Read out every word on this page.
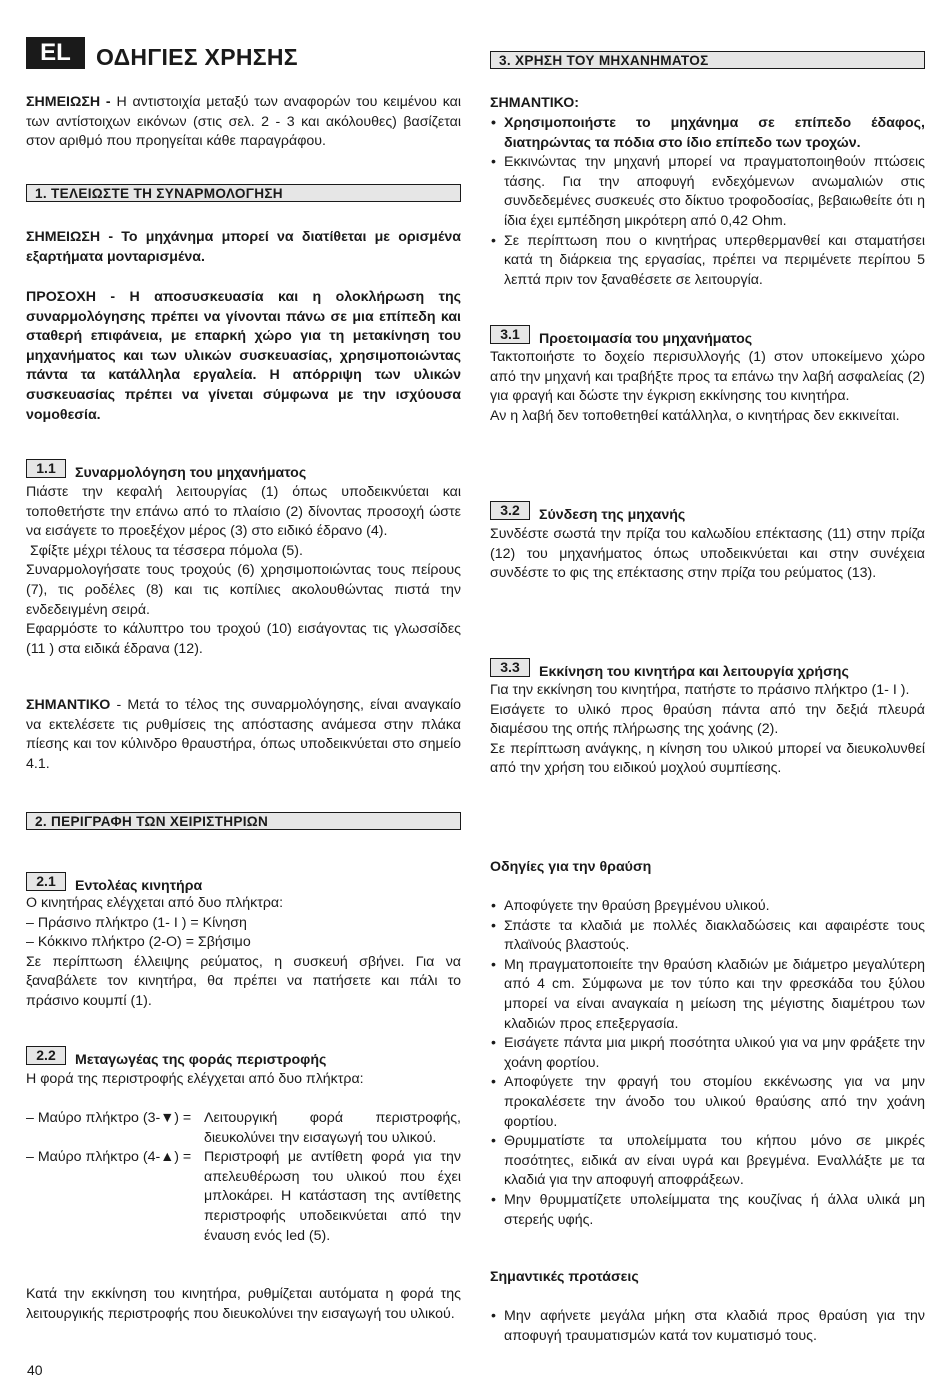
EL	ΟΔΗΓΙΕΣ ΧΡΗΣΗΣ

ΣΗΜΕΙΩΣΗ - Η αντιστοιχία μεταξύ των αναφορών του κειμένου και των αντίστοιχων εικόνων (στις σελ. 2 - 3 και ακόλουθες) βασίζεται στον αριθμό που προηγείται κάθε παραγράφου.

1. ΤΕΛΕΙΩΣΤΕ ΤΗ ΣΥΝΑΡΜΟΛΟΓΗΣΗ

ΣΗΜΕΙΩΣΗ - Το μηχάνημα μπορεί να διατίθεται με ορισμένα εξαρτήματα μονταρισμένα.

ΠΡΟΣΟΧΗ - Η αποσυσκευασία και η ολοκλήρωση της συναρμολόγησης πρέπει να γίνονται πάνω σε μια επίπεδη και σταθερή επιφάνεια, με επαρκή χώρο για τη μετακίνηση του μηχανήματος και των υλικών συσκευασίας, χρησιμοποιώντας πάντα τα κατάλληλα εργαλεία. Η απόρριψη των υλικών συσκευασίας πρέπει να γίνεται σύμφωνα με την ισχύουσα νομοθεσία.

1.1 Συναρμολόγηση του μηχανήματος

Πιάστε την κεφαλή λειτουργίας (1) όπως υποδεικνύεται και τοποθετήστε την επάνω από το πλαίσιο (2) δίνοντας προσοχή ώστε να εισάγετε το προεξέχον μέρος (3) στο ειδικό έδρανο (4).

Σφίξτε μέχρι τέλους τα τέσσερα πόμολα (5).

Συναρμολογήσατε τους τροχούς (6) χρησιμοποιώντας τους πείρους (7), τις ροδέλες (8) και τις κοπίλιες ακολουθώντας πιστά την ενδεδειγμένη σειρά.

Εφαρμόστε το κάλυπτρο του τροχού (10) εισάγοντας τις γλωσσίδες (11 ) στα ειδικά έδρανα (12).

ΣΗΜΑΝΤΙΚΟ - Μετά το τέλος της συναρμολόγησης, είναι αναγκαίο να εκτελέσετε τις ρυθμίσεις της απόστασης ανάμεσα στην πλάκα πίεσης και τον κύλινδρο θραυστήρα, όπως υποδεικνύεται στο σημείο 4.1.

2. ΠΕΡΙΓΡΑΦΗ ΤΩΝ ΧΕΙΡΙΣΤΗΡΙΩΝ
2.1 Εντολέας κινητήρα

Ο κινητήρας ελέγχεται από δυο πλήκτρα:

– Πράσινο πλήκτρο (1- I ) = Κίνηση

– Κόκκινο πλήκτρο (2-O) = Σβήσιμο

Σε περίπτωση έλλειψης ρεύματος, η συσκευή σβήνει. Για να ξαναβάλετε τον κινητήρα, θα πρέπει να πατήσετε και πάλι το πράσινο κουμπί (1).

2.2 Μεταγωγέας της φοράς περιστροφής

Η φορά της περιστροφής ελέγχεται από δυο πλήκτρα:

– Μαύρο πλήκτρο (3-▼) = Λειτουργική φορά περιστροφής, διευκολύνει την εισαγωγή του υλικού.

– Μαύρο πλήκτρο (4-▲) = Περιστροφή με αντίθετη φορά για την απελευθέρωση του υλικού που έχει μπλοκάρει. Η κατάσταση της αντίθετης περιστροφής υποδεικνύεται από την έναυση ενός led (5).

Κατά την εκκίνηση του κινητήρα, ρυθμίζεται αυτόματα η φορά της λειτουργικής περιστροφής που διευκολύνει την εισαγωγή του υλικού.

3. ΧΡΗΣΗ ΤΟΥ ΜΗΧΑΝΗΜΑΤΟΣ

ΣΗΜΑΝΤΙΚΟ:

• Χρησιμοποιήστε το μηχάνημα σε επίπεδο έδαφος, διατηρώντας τα πόδια στο ίδιο επίπεδο των τροχών.
• Εκκινώντας την μηχανή μπορεί να πραγματοποιηθούν πτώσεις τάσης. Για την αποφυγή ενδεχόμενων ανωμαλιών στις συνδεδεμένες συσκευές στο δίκτυο τροφοδοσίας, βεβαιωθείτε ότι η ίδια έχει εμπέδηση μικρότερη από 0,42 Ohm.
• Σε περίπτωση που ο κινητήρας υπερθερμανθεί και σταματήσει κατά τη διάρκεια της εργασίας, πρέπει να περιμένετε περίπου 5 λεπτά πριν τον ξαναθέσετε σε λειτουργία.
3.1 Προετοιμασία του μηχανήματος

Τακτοποιήστε το δοχείο περισυλλογής (1) στον υποκείμενο χώρο από την μηχανή και τραβήξτε προς τα επάνω την λαβή ασφαλείας (2) για φραγή και δώστε την έγκριση εκκίνησης του κινητήρα.

Αν η λαβή δεν τοποθετηθεί κατάλληλα, ο κινητήρας δεν εκκινείται.

3.2 Σύνδεση της μηχανής

Συνδέστε σωστά την πρίζα του καλωδίου επέκτασης (11) στην πρίζα (12) του μηχανήματος όπως υποδεικνύεται και στην συνέχεια συνδέστε το φις της επέκτασης στην πρίζα του ρεύματος (13).

3.3 Εκκίνηση του κινητήρα και λειτουργία χρήσης

Για την εκκίνηση του κινητήρα, πατήστε το πράσινο πλήκτρο (1- I ).

Εισάγετε το υλικό προς θραύση πάντα από την δεξιά πλευρά διαμέσου της οπής πλήρωσης της χοάνης (2).

Σε περίπτωση ανάγκης, η κίνηση του υλικού μπορεί να διευκολυνθεί από την χρήση του ειδικού μοχλού συμπίεσης.

Οδηγίες για την θραύση

• Αποφύγετε την θραύση βρεγμένου υλικού.
• Σπάστε τα κλαδιά με πολλές διακλαδώσεις και αφαιρέστε τους πλαϊνούς βλαστούς.
• Μη πραγματοποιείτε την θραύση κλαδιών με διάμετρο μεγαλύτερη από 4 cm. Σύμφωνα με τον τύπο και την φρεσκάδα του ξύλου μπορεί να είναι αναγκαία η μείωση της μέγιστης διαμέτρου των κλαδιών προς επεξεργασία.
• Εισάγετε πάντα μια μικρή ποσότητα υλικού για να μην φράξετε την χοάνη φορτίου.
• Αποφύγετε την φραγή του στομίου εκκένωσης για να μην προκαλέσετε την άνοδο του υλικού θραύσης από την χοάνη φορτίου.
• Θρυμματίστε τα υπολείμματα του κήπου μόνο σε μικρές ποσότητες, ειδικά αν είναι υγρά και βρεγμένα. Εναλλάξτε με τα κλαδιά για την αποφυγή αποφράξεων.
• Μην θρυμματίζετε υπολείμματα της κουζίνας ή άλλα υλικά μη στερεής υφής.

Σημαντικές προτάσεις

• Μην αφήνετε μεγάλα μήκη στα κλαδιά προς θραύση για την αποφυγή τραυματισμών κατά τον κυματισμό τους.
40
